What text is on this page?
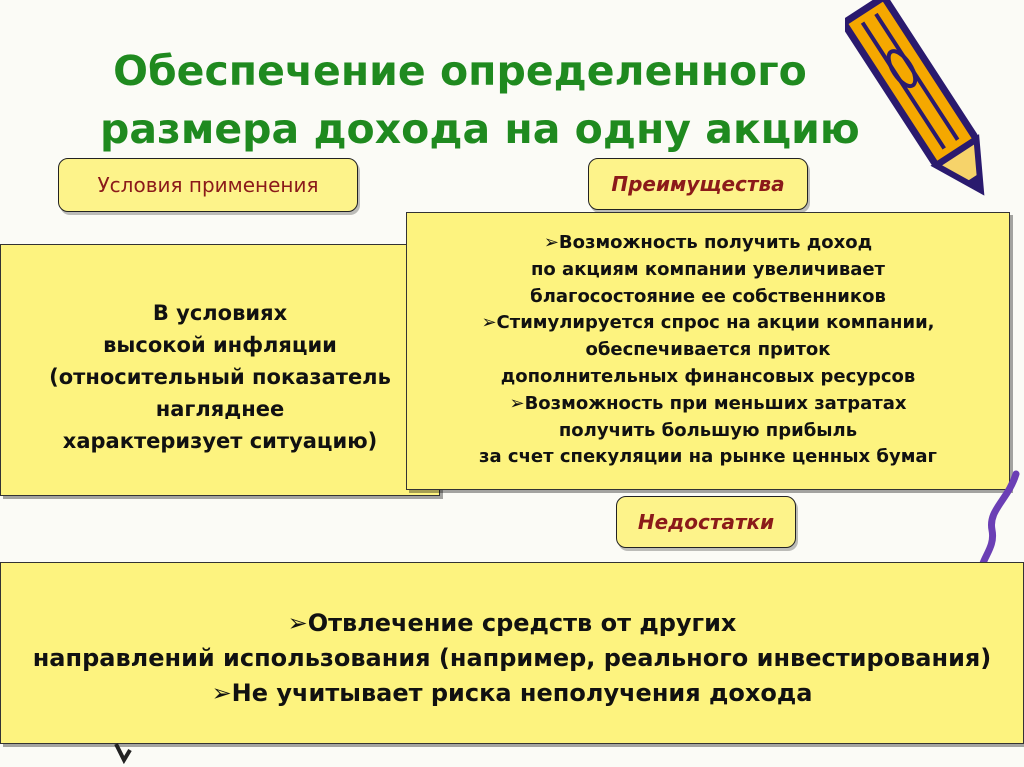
Обеспечение определенного
размера дохода на одну акцию
Условия применения	Преимущества
В условиях
высокой инфляции
(относительный показатель
нагляднее
характеризует ситуацию)
➢Возможность получить доход
по акциям компании увеличивает
благосостояние ее собственников
➢Стимулируется спрос на акции компании,
обеспечивается приток
дополнительных финансовых ресурсов
➢Возможность при меньших затратах
получить большую прибыль
за счет спекуляции на рынке ценных бумаг
Недостатки
➢Отвлечение средств от других
направлений использования (например, реального инвестирования)
➢Не учитывает риска неполучения дохода
